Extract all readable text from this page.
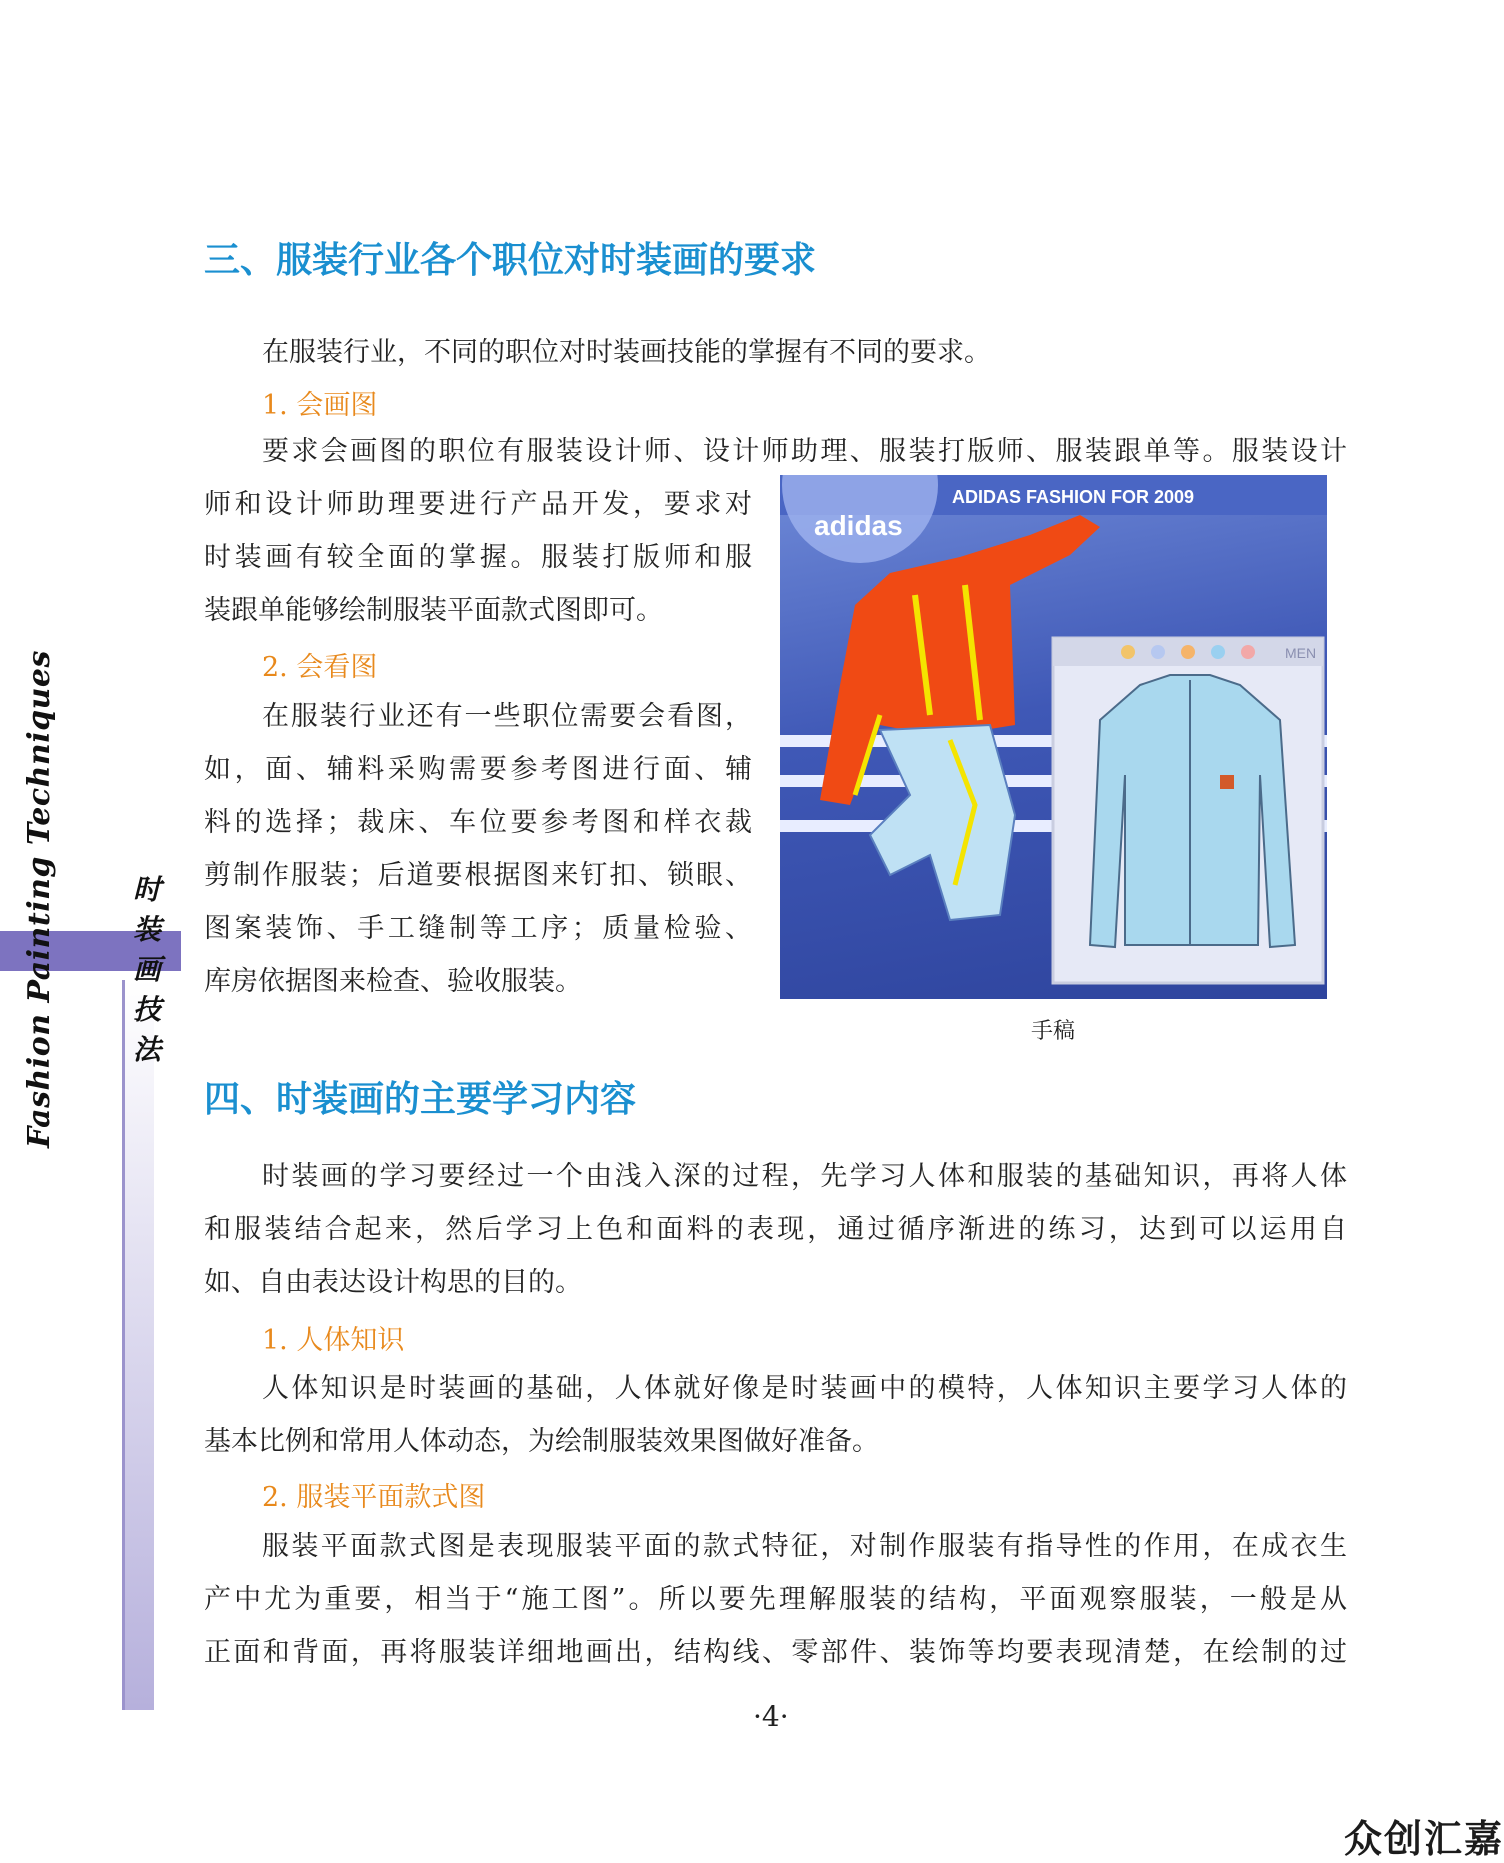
时
装
画
技
法
Fashion Painting Techniques
三、服装行业各个职位对时装画的要求
在服装行业，不同的职位对时装画技能的掌握有不同的要求。
1. 会画图
要求会画图的职位有服装设计师、设计师助理、服装打版师、服装跟单等。服装设计
师和设计师助理要进行产品开发，要求对
时装画有较全面的掌握。服装打版师和服
装跟单能够绘制服装平面款式图即可。
2. 会看图
在服装行业还有一些职位需要会看图，
如，面、辅料采购需要参考图进行面、辅
料的选择；裁床、车位要参考图和样衣裁
剪制作服装；后道要根据图来钉扣、锁眼、
图案装饰、手工缝制等工序；质量检验、
库房依据图来检查、验收服装。
ADIDAS FASHION FOR 2009
adidas
MEN
手稿
四、时装画的主要学习内容
时装画的学习要经过一个由浅入深的过程，先学习人体和服装的基础知识，再将人体
和服装结合起来，然后学习上色和面料的表现，通过循序渐进的练习，达到可以运用自
如、自由表达设计构思的目的。
1. 人体知识
人体知识是时装画的基础，人体就好像是时装画中的模特，人体知识主要学习人体的
基本比例和常用人体动态，为绘制服装效果图做好准备。
2. 服装平面款式图
服装平面款式图是表现服装平面的款式特征，对制作服装有指导性的作用，在成衣生
产中尤为重要，相当于“施工图”。所以要先理解服装的结构，平面观察服装，一般是从
正面和背面，再将服装详细地画出，结构线、零部件、装饰等均要表现清楚，在绘制的过
·4·
众创汇嘉
